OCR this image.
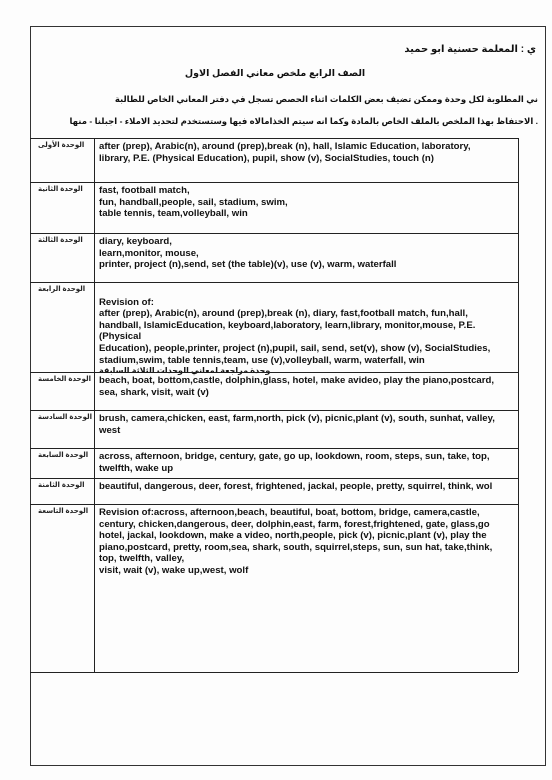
ي : المعلمة حسنية ابو حميد
الصف الرابع ملخص معاني الفصل الاول
ني المطلوبة لكل وحدة وممكن تضيف بعض الكلمات اثناء الحصص تسجل في دفتر المعاني الخاص للطالبة
. الاحتفاظ بهذا الملخص بالملف الخاص بالمادة وكما انه سيتم الخذامالاه فيها وستستخدم لتحديد الاملاء - اجبلنا - منها
الوحدة الأولى	after (prep), Arabic(n), around (prep),break (n), hall, Islamic Education, laboratory,
library, P.E. (Physical Education), pupil, show (v), SocialStudies, touch (n)
الوحدة الثانية	fast, football match,
fun, handball,people, sail, stadium, swim,
table tennis, team,volleyball, win
الوحدة الثالثة	diary, keyboard,
learn,monitor, mouse,
printer, project (n),send, set (the table)(v), use (v), warm, waterfall
الوحدة الرابعة

Revision of:
after (prep), Arabic(n), around (prep),break (n), diary, fast,football match, fun,hall,
handball, IslamicEducation, keyboard,laboratory, learn,library, monitor,mouse, P.E. (Physical
Education), people,printer, project (n),pupil, sail, send, set(v), show (v), SocialStudies,
stadium,swim, table tennis,team, use (v),volleyball, warm, waterfall, win

وحدة مراجعة لمعاني الوحدات الثلاثة السابقة

الوحدة الخامسة beach, boat, bottom,castle, dolphin,glass, hotel, make avideo, play the piano,postcard,
sea, shark, visit, wait (v)
الوحدة السادسة brush, camera,chicken, east, farm,north, pick (v), picnic,plant (v), south, sunhat, valley,
west
الوحدة السابعة	across, afternoon, bridge, century, gate, go up, lookdown, room, steps, sun, take, top,
twelfth, wake up
الوحدة الثامنة	beautiful, dangerous, deer, forest, frightened, jackal, people, pretty, squirrel, think, wol
الوحدة التاسعة	Revision of:across, afternoon,beach, beautiful, boat, bottom, bridge, camera,castle,
century, chicken,dangerous, deer, dolphin,east, farm, forest,frightened, gate, glass,go
hotel, jackal, lookdown, make a video, north,people, pick (v), picnic,plant (v), play the
piano,postcard, pretty, room,sea, shark, south, squirrel,steps, sun, sun hat, take,think,
top, twelfth, valley,
visit, wait (v), wake up,west, wolf
